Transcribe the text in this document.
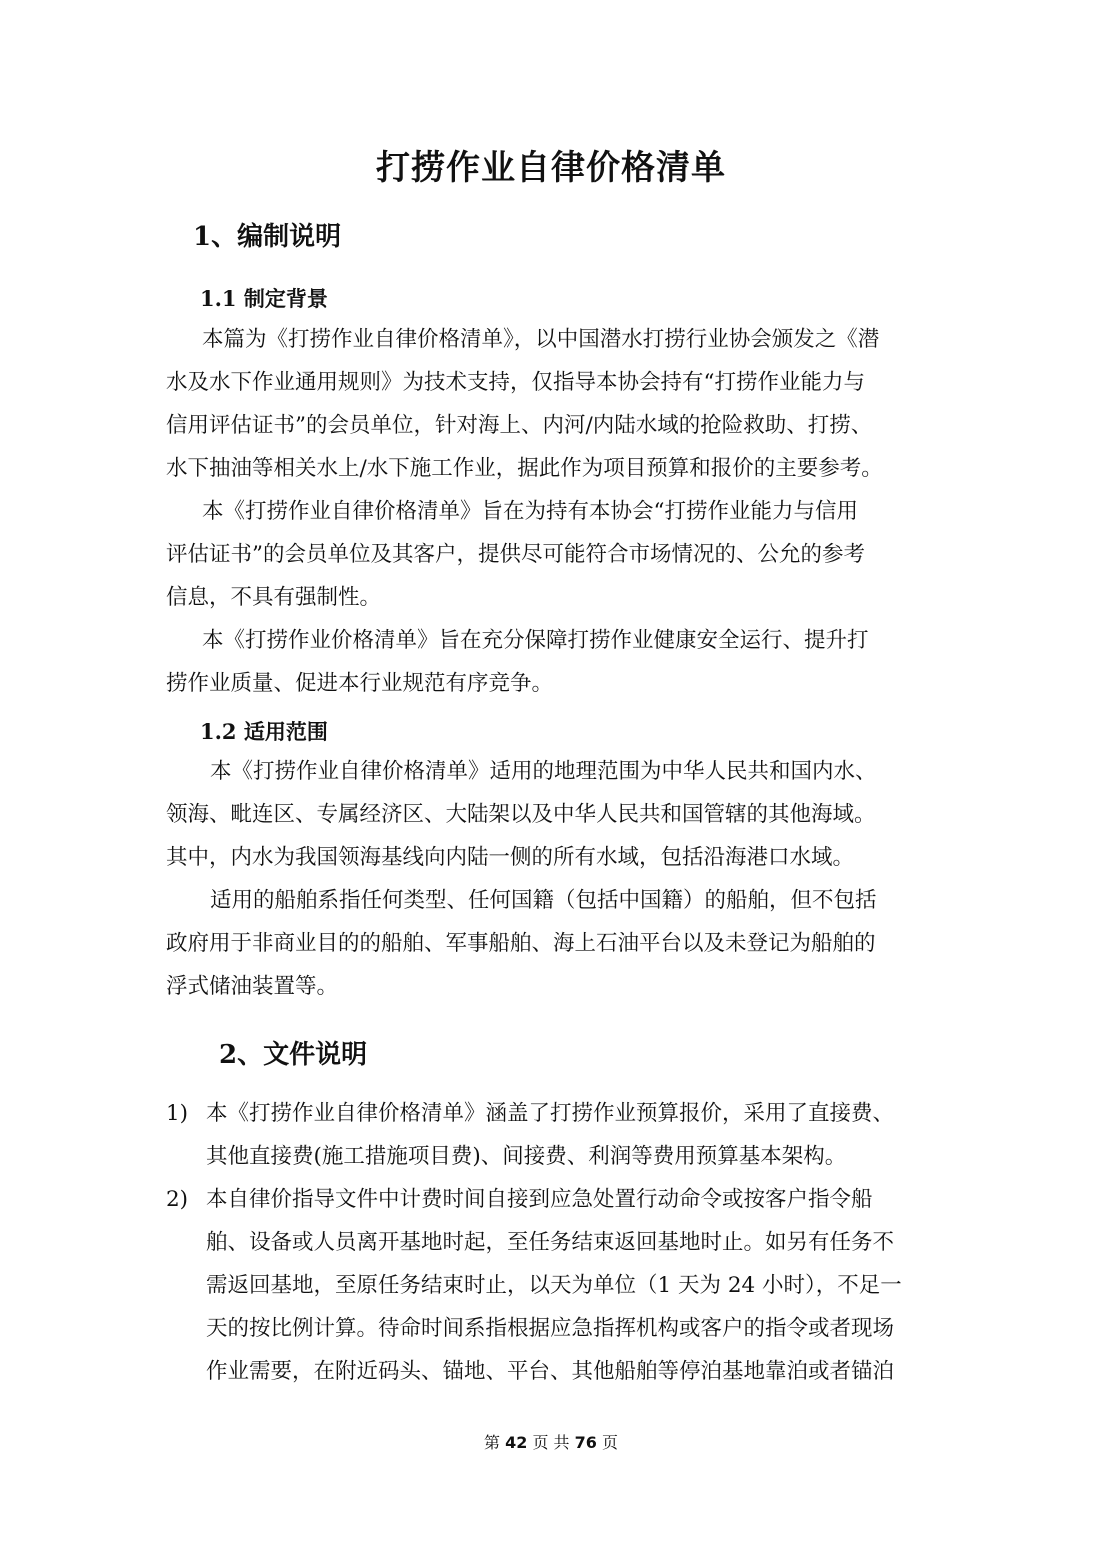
打捞作业自律价格清单
1、编制说明
1.1 制定背景
本篇为《打捞作业自律价格清单》，以中国潜水打捞行业协会颁发之《潜
水及水下作业通用规则》为技术支持，仅指导本协会持有“打捞作业能力与
信用评估证书”的会员单位，针对海上、内河/内陆水域的抢险救助、打捞、
水下抽油等相关水上/水下施工作业，据此作为项目预算和报价的主要参考。
本《打捞作业自律价格清单》旨在为持有本协会“打捞作业能力与信用
评估证书”的会员单位及其客户，提供尽可能符合市场情况的、公允的参考
信息，不具有强制性。
本《打捞作业价格清单》旨在充分保障打捞作业健康安全运行、提升打
捞作业质量、促进本行业规范有序竞争。
1.2 适用范围
本《打捞作业自律价格清单》适用的地理范围为中华人民共和国内水、
领海、毗连区、专属经济区、大陆架以及中华人民共和国管辖的其他海域。
其中，内水为我国领海基线向内陆一侧的所有水域，包括沿海港口水域。
适用的船舶系指任何类型、任何国籍（包括中国籍）的船舶，但不包括
政府用于非商业目的的船舶、军事船舶、海上石油平台以及未登记为船舶的
浮式储油装置等。
2、文件说明
1) 本《打捞作业自律价格清单》涵盖了打捞作业预算报价，采用了直接费、
其他直接费(施工措施项目费)、间接费、利润等费用预算基本架构。
2) 本自律价指导文件中计费时间自接到应急处置行动命令或按客户指令船
舶、设备或人员离开基地时起，至任务结束返回基地时止。如另有任务不
需返回基地，至原任务结束时止，以天为单位（1 天为 24 小时），不足一
天的按比例计算。待命时间系指根据应急指挥机构或客户的指令或者现场
作业需要，在附近码头、锚地、平台、其他船舶等停泊基地靠泊或者锚泊
第 42 页 共 76 页
